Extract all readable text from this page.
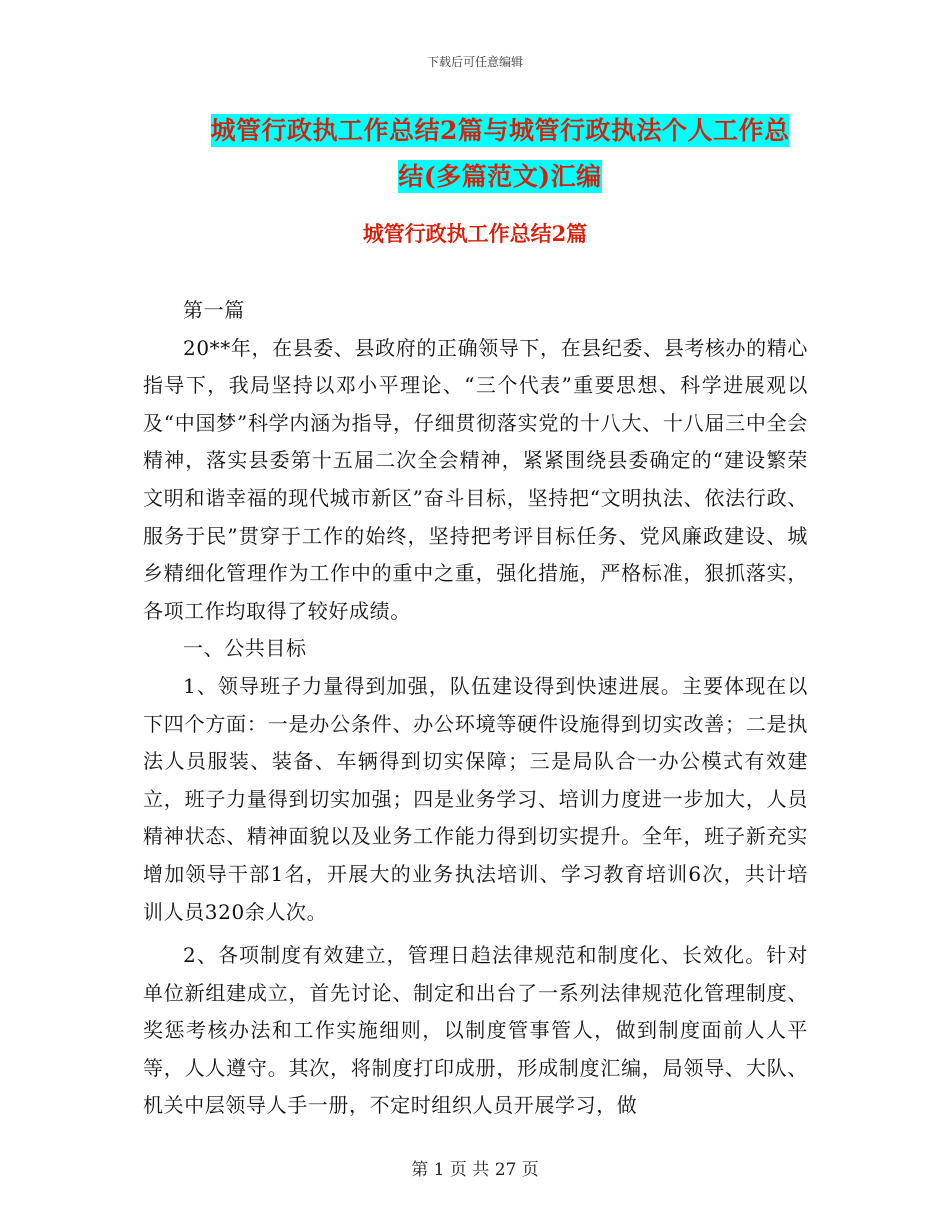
下载后可任意编辑
城管行政执工作总结2篇与城管行政执法个人工作总
结(多篇范文)汇编
城管行政执工作总结2篇

第一篇

20**年，在县委、县政府的正确领导下，在县纪委、县考核办的精心指导下，我局坚持以邓小平理论、“三个代表”重要思想、科学进展观以及“中国梦”科学内涵为指导，仔细贯彻落实党的十八大、十八届三中全会精神，落实县委第十五届二次全会精神，紧紧围绕县委确定的“建设繁荣文明和谐幸福的现代城市新区”奋斗目标，坚持把“文明执法、依法行政、服务于民”贯穿于工作的始终，坚持把考评目标任务、党风廉政建设、城乡精细化管理作为工作中的重中之重，强化措施，严格标准，狠抓落实，各项工作均取得了较好成绩。

一、公共目标

1、领导班子力量得到加强，队伍建设得到快速进展。主要体现在以下四个方面：一是办公条件、办公环境等硬件设施得到切实改善；二是执法人员服装、装备、车辆得到切实保障；三是局队合一办公模式有效建立，班子力量得到切实加强；四是业务学习、培训力度进一步加大，人员精神状态、精神面貌以及业务工作能力得到切实提升。全年，班子新充实增加领导干部1名，开展大的业务执法培训、学习教育培训6次，共计培训人员320余人次。

2、各项制度有效建立，管理日趋法律规范和制度化、长效化。针对单位新组建成立，首先讨论、制定和出台了一系列法律规范化管理制度、奖惩考核办法和工作实施细则，以制度管事管人，做到制度面前人人平等，人人遵守。其次，将制度打印成册，形成制度汇编，局领导、大队、机关中层领导人手一册，不定时组织人员开展学习，做

第 1 页 共 27 页
